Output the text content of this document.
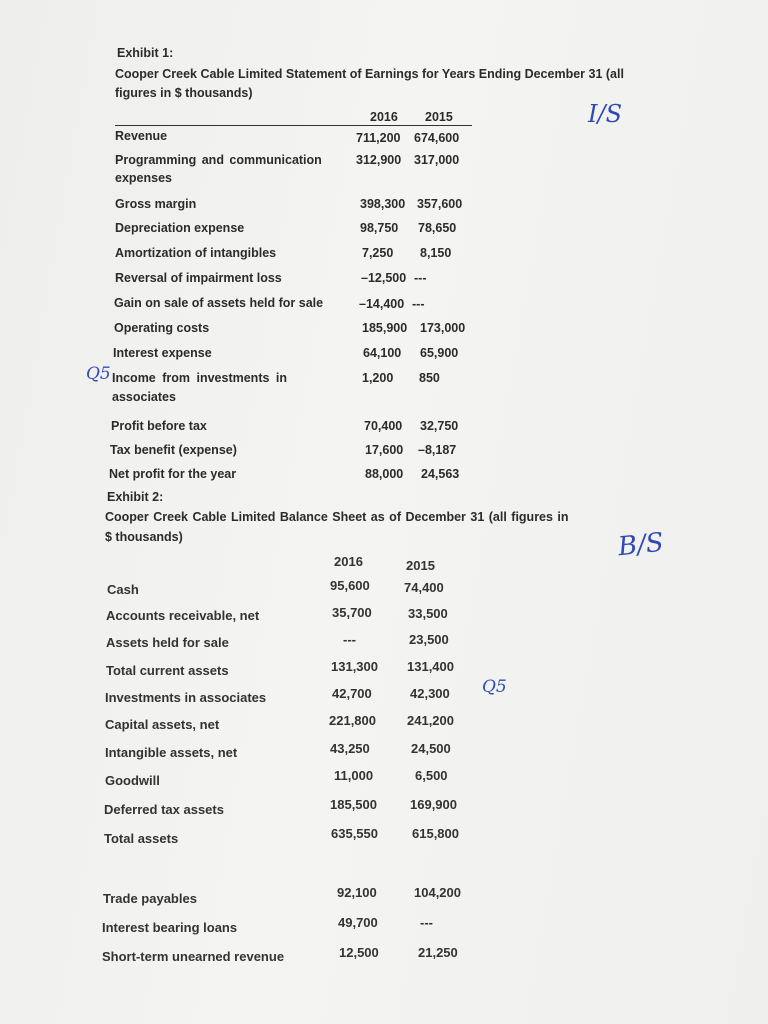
Exhibit 1:
Cooper Creek Cable Limited Statement of Earnings for Years Ending December 31 (all
figures in $ thousands)
2016 2015	I/S
Revenue	711,200 674,600
Programming and communication
expenses
312,900 317,000
Gross margin	398,300 357,600
Depreciation expense	98,750 78,650
Amortization of intangibles	7,250 8,150
Reversal of impairment loss	–12,500 ---
Gain on sale of assets held for sale	–14,400 ---
Operating costs	185,900 173,000
Interest expense	64,100 65,900
Q5 Income from investments in
associates
1,200 850
Profit before tax	70,400 32,750
Tax benefit (expense)	17,600 –8,187
Net profit for the year	88,000 24,563
Exhibit 2:
Cooper Creek Cable Limited Balance Sheet as of December 31 (all figures in
$ thousands)	B/S
2016	2015
Cash	95,600	74,400
Accounts receivable, net	35,700	33,500
Assets held for sale	---	23,500
Total current assets	131,300 131,400
Investments in associates	42,700	42,300 Q5
Capital assets, net	221,800 241,200
Intangible assets, net	43,250	24,500
Goodwill	11,000	6,500
Deferred tax assets	185,500	169,900
Total assets	635,550	615,800
Trade payables	92,100	104,200
Interest bearing loans	49,700	---
Short-term unearned revenue	12,500	21,250
